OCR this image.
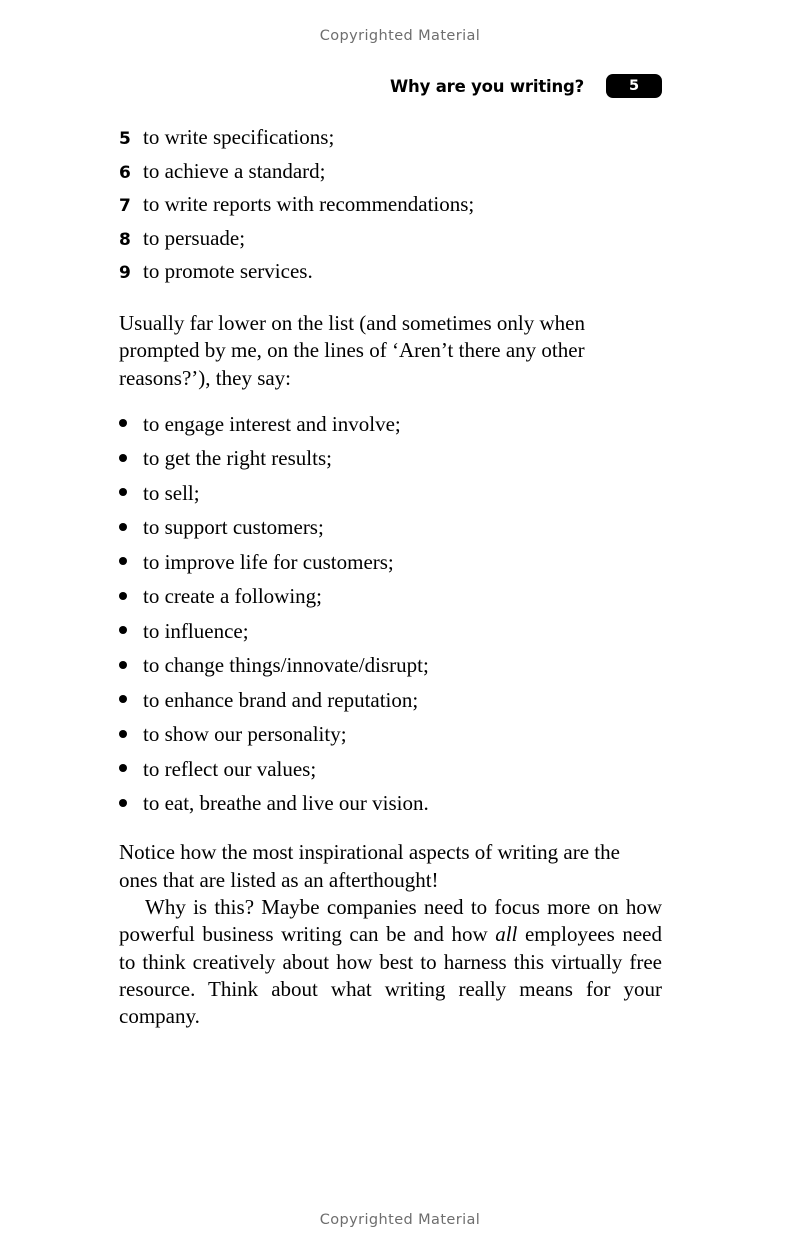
Copyrighted Material
Why are you writing?	5
5 to write specifications;
6 to achieve a standard;
7 to write reports with recommendations;
8 to persuade;
9 to promote services.

Usually far lower on the list (and sometimes only when prompted by me, on the lines of ‘Aren’t there any other reasons?’), they say:

to engage interest and involve;
to get the right results;
to sell;
to support customers;
to improve life for customers;
to create a following;
to influence;
to change things/innovate/disrupt;
to enhance brand and reputation;
to show our personality;
to reflect our values;
to eat, breathe and live our vision.

Notice how the most inspirational aspects of writing are the ones that are listed as an afterthought!

Why is this? Maybe companies need to focus more on how powerful business writing can be and how all employees need to think creatively about how best to harness this virtually free resource. Think about what writing really means for your company.

Copyrighted Material
